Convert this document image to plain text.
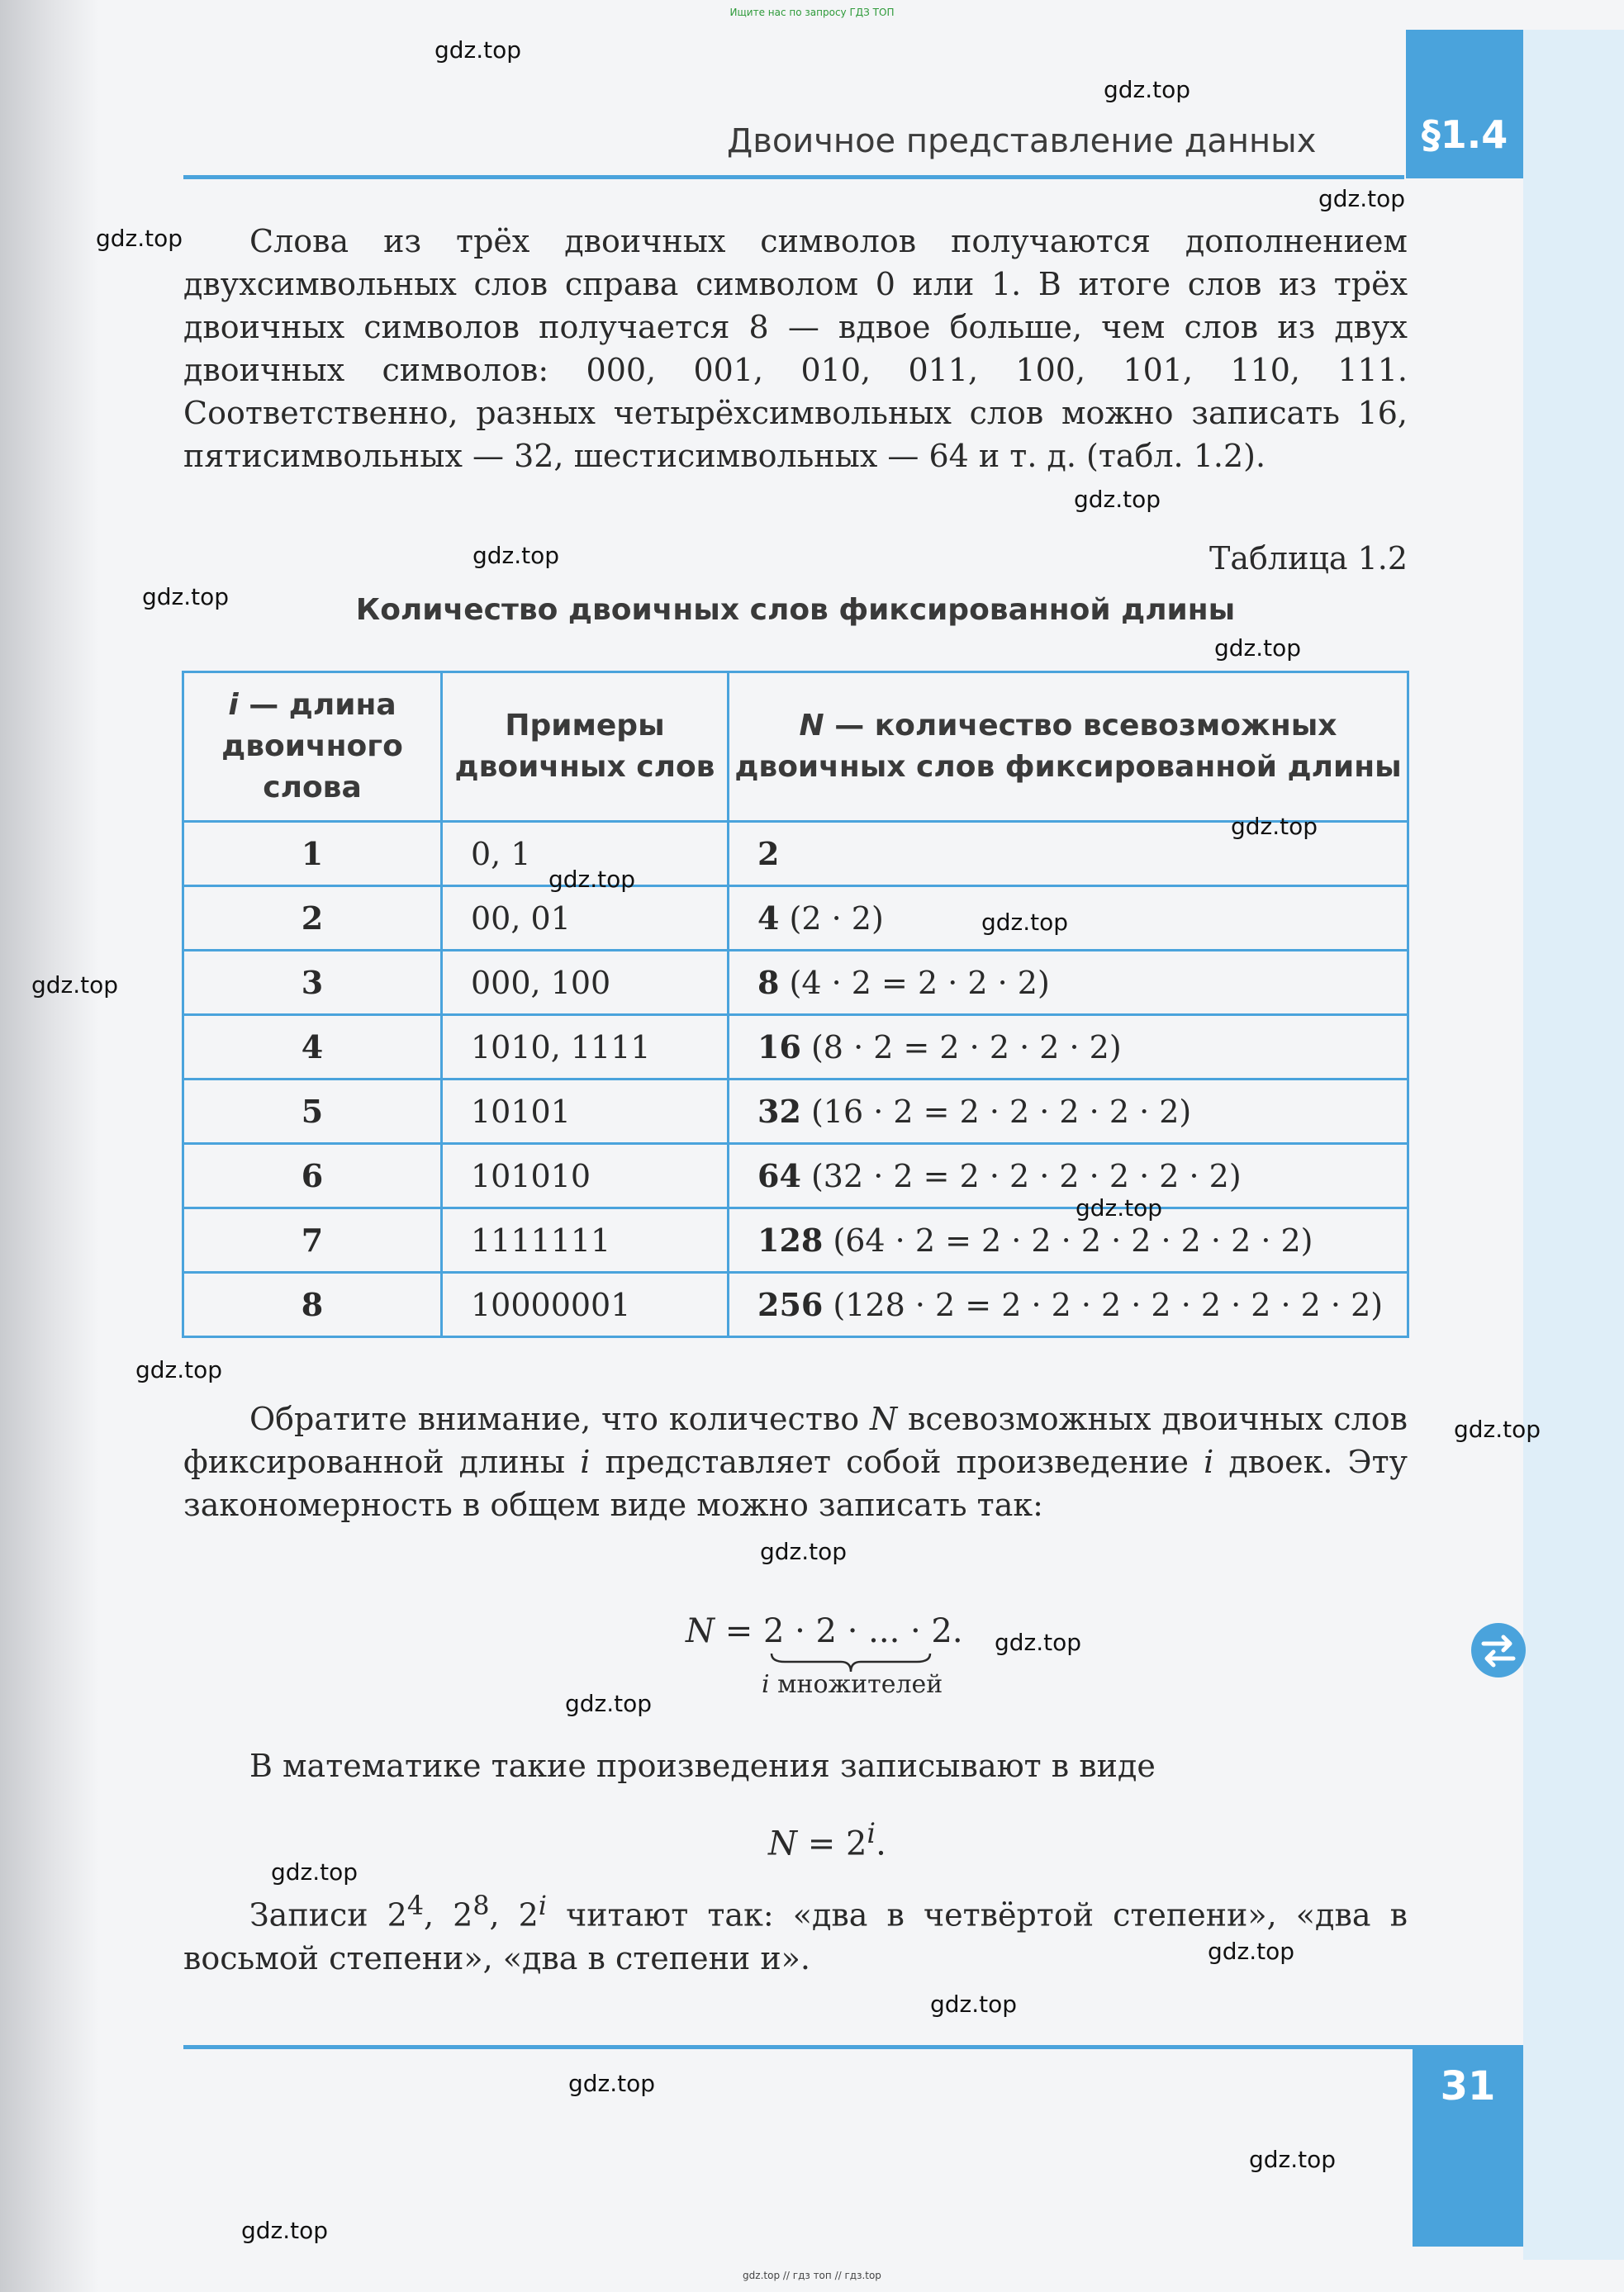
Ищите нас по запросу ГДЗ ТОП
§1.4
Двоичное представление данных

Слова из трёх двоичных символов получаются дополнением двухсимвольных слов справа символом 0 или 1. В итоге слов из трёх двоичных символов получается 8 — вдвое больше, чем слов из двух двоичных символов: 000, 001, 010, 011, 100, 101, 110, 111. Соответственно, разных четырёхсимвольных слов можно записать 16, пятисимвольных — 32, шестисимвольных — 64 и т. д. (табл. 1.2).

Таблица 1.2
Количество двоичных слов фиксированной длины
i — длина двоичного слова	Примеры двоичных слов	N — количество всевозможных двоичных слов фиксированной длины
1	0, 1	2
2	00, 01	4 (2 · 2)
3	000, 100	8 (4 · 2 = 2 · 2 · 2)
4	1010, 1111	16 (8 · 2 = 2 · 2 · 2 · 2)
5	10101	32 (16 · 2 = 2 · 2 · 2 · 2 · 2)
6	101010	64 (32 · 2 = 2 · 2 · 2 · 2 · 2 · 2)
7	1111111	128 (64 · 2 = 2 · 2 · 2 · 2 · 2 · 2 · 2)
8	10000001	256 (128 · 2 = 2 · 2 · 2 · 2 · 2 · 2 · 2 · 2)

Обратите внимание, что количество N всевозможных двоичных слов фиксированной длины i представляет собой произведение i двоек. Эту закономерность в общем виде можно записать так:

N = 2 · 2 · ... · 2.
i множителей

В математике такие произведения записывают в виде

$N = 2^i$.

Записи $2^4$, $2^8$, 2$^i$ читают так: «два в четвёртой степени», «два в восьмой степени», «два в степени и».

31
gdz.top
gdz.top
gdz.top
gdz.top
gdz.top
gdz.top
gdz.top
gdz.top
gdz.top
gdz.top
gdz.top
gdz.top
gdz.top
gdz.top
gdz.top
gdz.top
gdz.top
gdz.top
gdz.top
gdz.top
gdz.top
gdz.top
gdz.top
gdz.top
gdz.top // гдз топ // гдз.top
